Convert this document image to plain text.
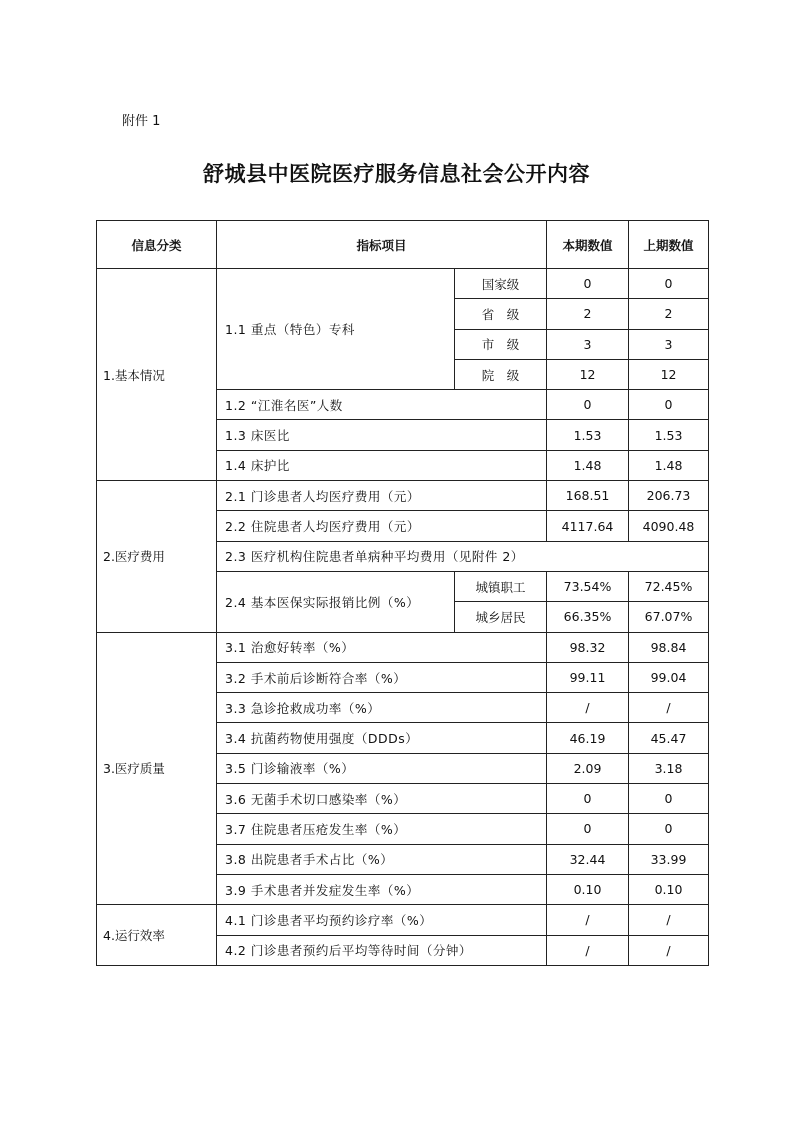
附件 1
舒城县中医院医疗服务信息社会公开内容
信息分类	指标项目		本期数值	上期数值
1.基本情况	1.1 重点（特色）专科	国家级	0	0
		省　级	2	2
		市　级	3	3
		院　级	12	12
	1.2 “江淮名医”人数		0	0
	1.3 床医比		1.53	1.53
	1.4 床护比		1.48	1.48
2.医疗费用	2.1 门诊患者人均医疗费用（元）		168.51	206.73
	2.2 住院患者人均医疗费用（元）		4117.64	4090.48
	2.3 医疗机构住院患者单病种平均费用（见附件 2）			
	2.4 基本医保实际报销比例（%）	城镇职工	73.54%	72.45%
		城乡居民	66.35%	67.07%
3.医疗质量	3.1 治愈好转率（%）		98.32	98.84
	3.2 手术前后诊断符合率（%）		99.11	99.04
	3.3 急诊抢救成功率（%）		/	/
	3.4 抗菌药物使用强度（DDDs）		46.19	45.47
	3.5 门诊输液率（%）		2.09	3.18
	3.6 无菌手术切口感染率（%）		0	0
	3.7 住院患者压疮发生率（%）		0	0
	3.8 出院患者手术占比（%）		32.44	33.99
	3.9 手术患者并发症发生率（%）		0.10	0.10
4.运行效率	4.1 门诊患者平均预约诊疗率（%）		/	/
	4.2 门诊患者预约后平均等待时间（分钟）		/	/
